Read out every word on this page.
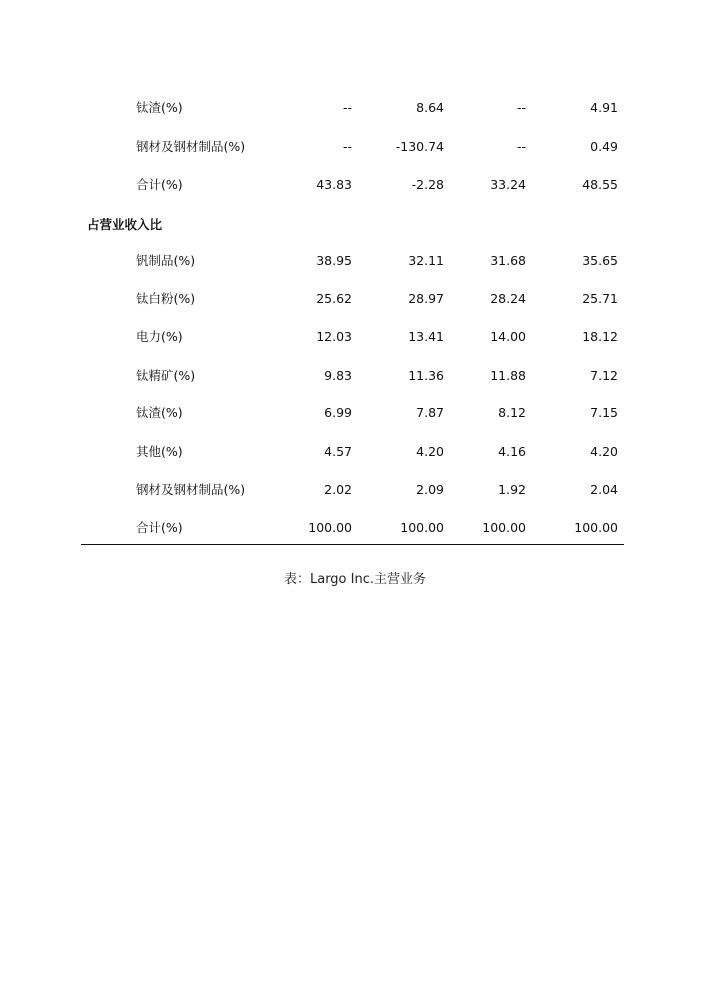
钛渣(%)	--	8.64	--	4.91
钢材及钢材制品(%)	--	-130.74	--	0.49
合计(%)	43.83	-2.28	33.24	48.55
占营业收入比
钒制品(%)	38.95	32.11	31.68	35.65
钛白粉(%)	25.62	28.97	28.24	25.71
电力(%)	12.03	13.41	14.00	18.12
钛精矿(%)	9.83	11.36	11.88	7.12
钛渣(%)	6.99	7.87	8.12	7.15
其他(%)	4.57	4.20	4.16	4.20
钢材及钢材制品(%)	2.02	2.09	1.92	2.04
合计(%)	100.00	100.00	100.00	100.00
表：Largo Inc.主营业务
